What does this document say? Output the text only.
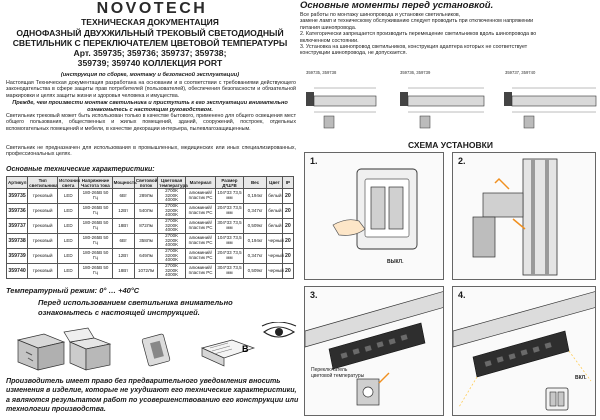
NOVOTECH
ТЕХНИЧЕСКАЯ ДОКУМЕНТАЦИЯ
ОДНОФАЗНЫЙ ДВУХЖИЛЬНЫЙ ТРЕКОВЫЙ СВЕТОДИОДНЫЙ
СВЕТИЛЬНИК С ПЕРЕКЛЮЧАТЕЛЕМ ЦВЕТОВОЙ ТЕМПЕРАТУРЫ
Арт. 359735; 359736; 359737; 359738;
359739; 359740 КОЛЛЕКЦИЯ PORT
(инструкция по сборке, монтажу и безопасной эксплуатации)
Настоящая Техническая документация разработана на основании и в соответствии с требованиями действующего законодательства в сфере защиты прав потребителей (пользователей), обеспечения безопасности и обязательной маркировки и целях защиты жизни и здоровья человека и имущества.
Прежде, чем произвести монтаж светильника и приступить к его эксплуатации внимательно ознакомьтесь с настоящим руководством.
Светильник трековый может быть использован только в качестве бытового, применено для общего освещения мест общего пользования, общественных и жилых помещений, зданий, сооружений, построек, отдельных вспомогательных помещений и мебели, в качестве декорации интерьера, пылевлагозащищенным.
Светильник не предназначен для использования в промышленных, медицинских или иных специализированных, профессиональных целях.
Основные технические характеристики:
Артикул	Тип светильника	Источник света	Напряжение Частота тока	Мощность	Световой поток	Цветовая температура	Материал	Размер Д*Ш*В	Вес	Цвет	IP
359735	трековый	LED	180-265В 50 Гц	6Вт	289Лм	2700K 3200K 4000K	алюминий/ пластик PC	104*33 73,5 мм	0,194кг	белый	20
359736	трековый	LED	180-265В 50 Гц	12Вт	540Лм	2700K 3200K 4000K	алюминий/ пластик PC	204*33 73,5 мм	0,347кг	белый	20
359737	трековый	LED	180-265В 50 Гц	18Вт	872Лм	2700K 3200K 4000K	алюминий/ пластик PC	304*33 73,5 мм	0,509кг	белый	20
359738	трековый	LED	180-265В 50 Гц	6Вт	358Лм	2700K 3200K 4000K	алюминий/ пластик PC	104*33 73,5 мм	0,194кг	черный	20
359739	трековый	LED	180-265В 50 Гц	12Вт	649Лм	2700K 3200K 4000K	алюминий/ пластик PC	204*33 73,5 мм	0,347кг	черный	20
359740	трековый	LED	180-265В 50 Гц	18Вт	1072Лм	2700K 3200K 4000K	алюминий/ пластик PC	304*33 73,5 мм	0,509кг	черный	20
Температурный режим: 0° … +40°C
Перед использованием светильника внимательно ознакомьтесь с настоящей инструкцией.
B
Производитель имеет право без предварительного уведомления вносить изменения в изделие, которые не ухудшают его технические характеристики, а являются результатом работ по усовершенствованию его конструкции или технологии производства.
Основные моменты перед установкой.
Все работы по монтажу шинопровода и установке светильников,
замене ламп и техническому обслуживанию следует проводить при отключенном напряжении
питания шинопровода.
2. Категорически запрещается производить перемещение светильников вдоль шинопровода во
включенном состоянии.
3. Установка на шинопровод светильников, конструкция адаптера которых не соответствует
конструкции шинопровода, не допускается.
359735, 359738	359736, 359739	359737, 359740
СХЕМА УСТАНОВКИ
1.
ВЫКЛ.
2.
3.
Переключатель цветовой температуры
4.
ВКЛ.
